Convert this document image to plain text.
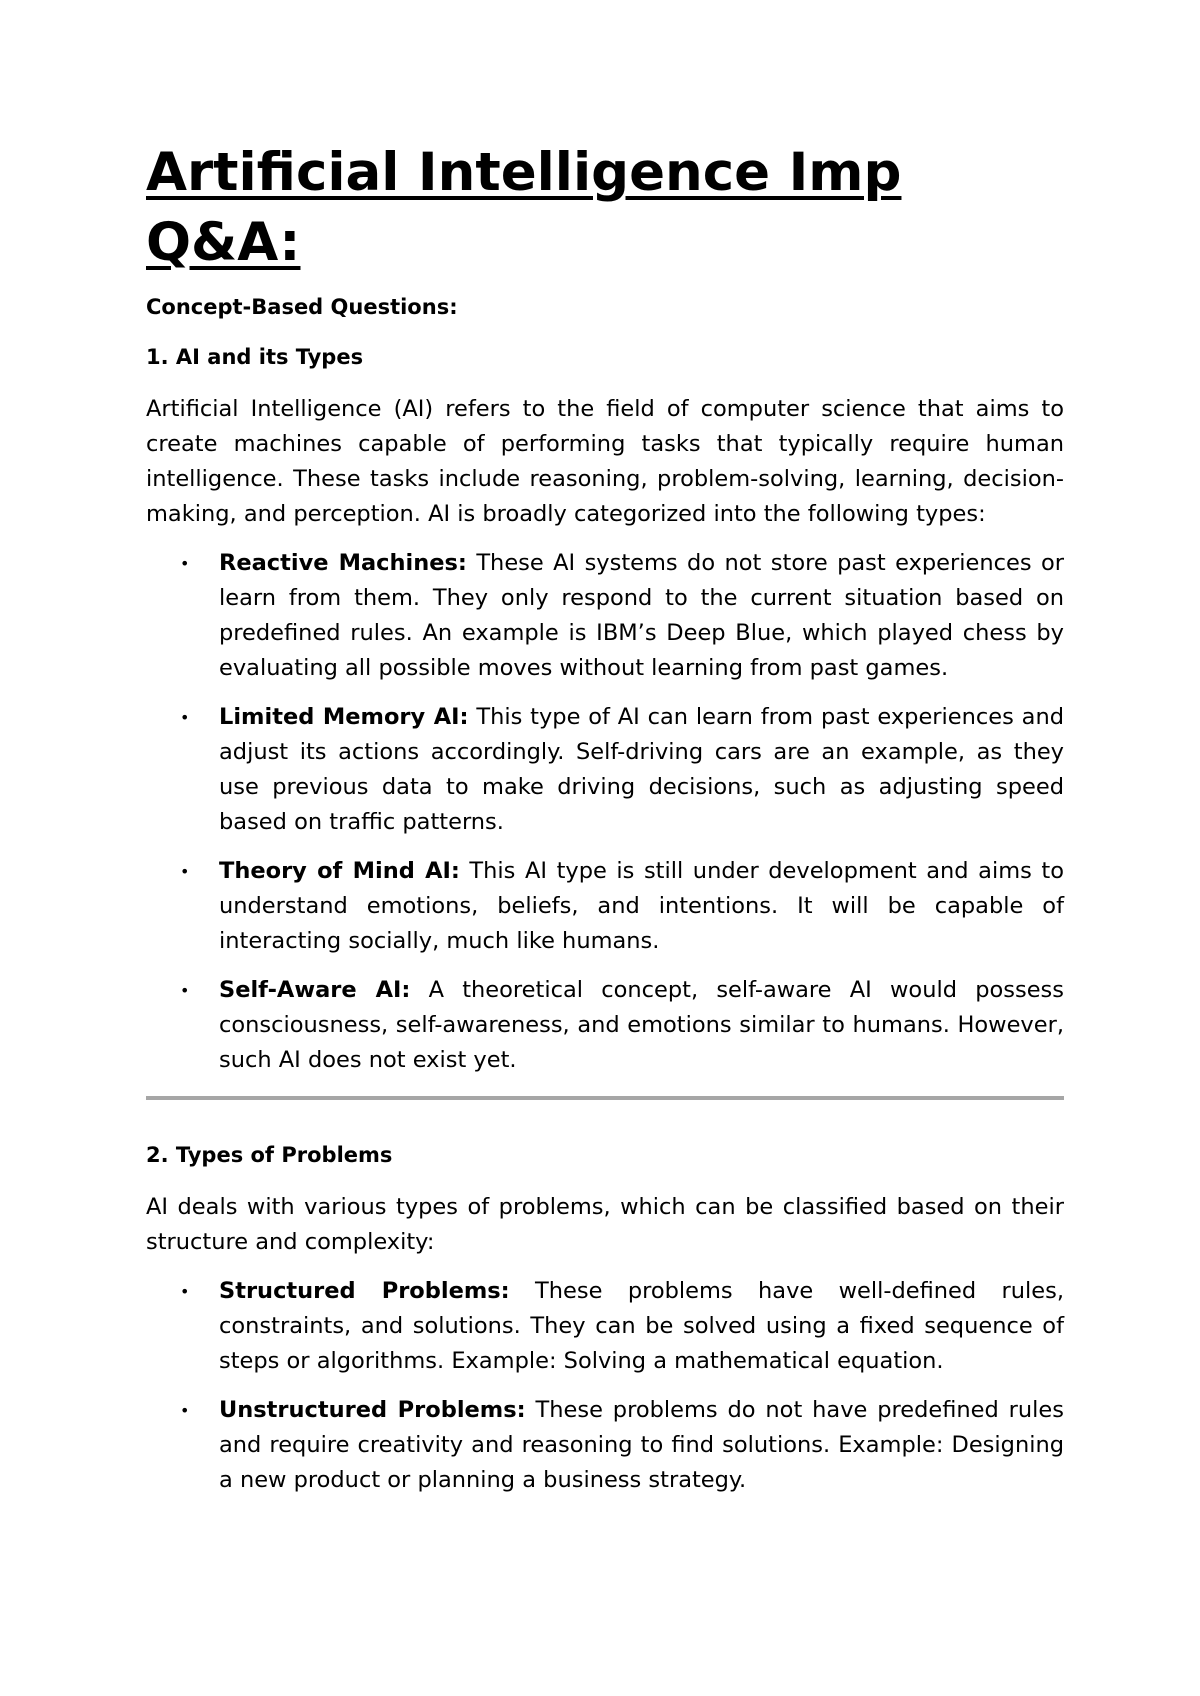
Artificial Intelligence Imp Q&A:
Concept-Based Questions:
1. AI and its Types

Artificial Intelligence (AI) refers to the field of computer science that aims to create machines capable of performing tasks that typically require human intelligence. These tasks include reasoning, problem-solving, learning, decision-making, and perception. AI is broadly categorized into the following types:

• Reactive Machines: These AI systems do not store past experiences or learn from them. They only respond to the current situation based on predefined rules. An example is IBM’s Deep Blue, which played chess by evaluating all possible moves without learning from past games.
• Limited Memory AI: This type of AI can learn from past experiences and adjust its actions accordingly. Self-driving cars are an example, as they use previous data to make driving decisions, such as adjusting speed based on traffic patterns.
• Theory of Mind AI: This AI type is still under development and aims to understand emotions, beliefs, and intentions. It will be capable of interacting socially, much like humans.
• Self-Aware AI: A theoretical concept, self-aware AI would possess consciousness, self-awareness, and emotions similar to humans. However, such AI does not exist yet.
2. Types of Problems

AI deals with various types of problems, which can be classified based on their structure and complexity:

• Structured Problems: These problems have well-defined rules, constraints, and solutions. They can be solved using a fixed sequence of steps or algorithms. Example: Solving a mathematical equation.
• Unstructured Problems: These problems do not have predefined rules and require creativity and reasoning to find solutions. Example: Designing a new product or planning a business strategy.
